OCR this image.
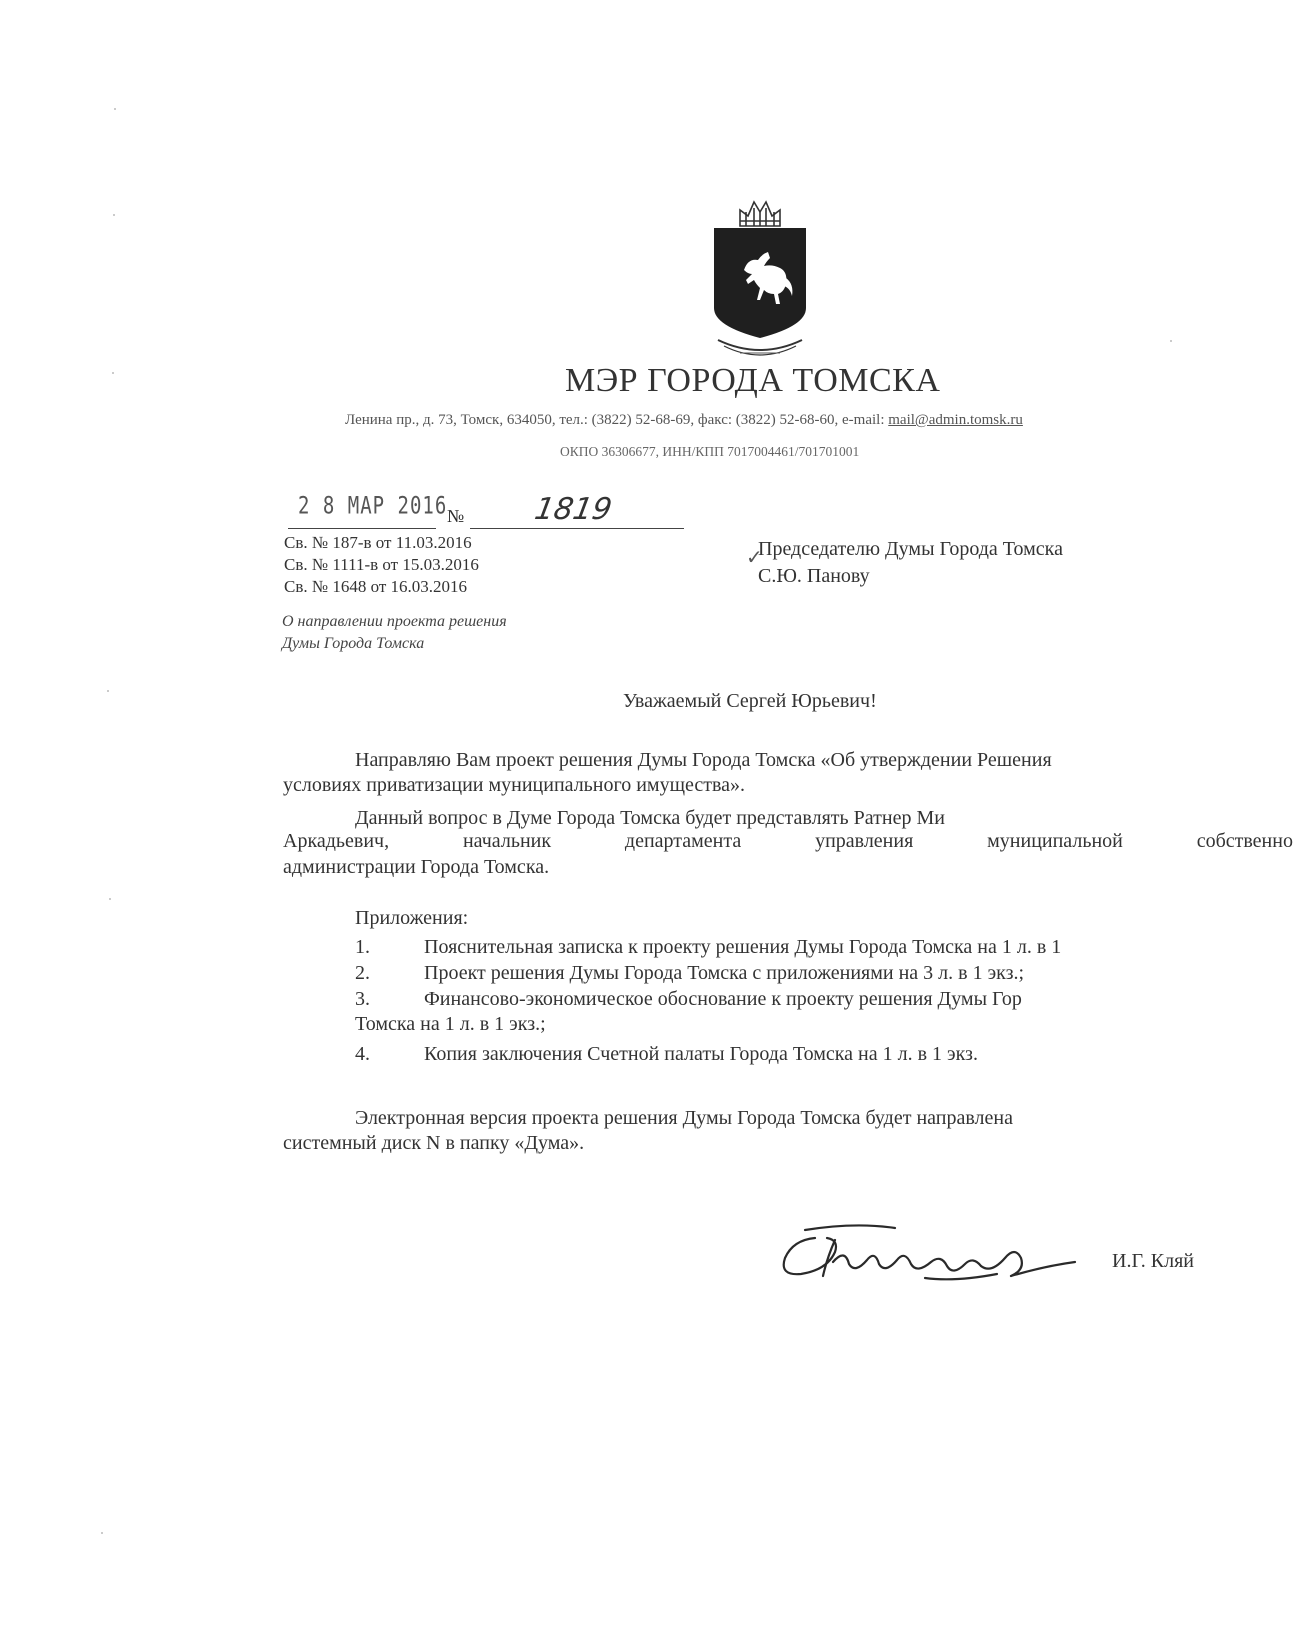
МЭР ГОРОДА ТОМСКА
Ленина пр., д. 73, Томск, 634050, тел.: (3822) 52-68-69, факс: (3822) 52-68-60, e-mail: mail@admin.tomsk.ru
ОКПО 36306677, ИНН/КПП 7017004461/701701001
2 8 МАР 2016 № 1819
Св. № 187-в от 11.03.2016
Св. № 1111-в от 15.03.2016
Св. № 1648 от 16.03.2016
О направлении проекта решения
Думы Города Томска
✓
Председателю Думы Города Томска
С.Ю. Панову
Уважаемый Сергей Юрьевич!
Направляю Вам проект решения Думы Города Томска «Об утверждении Решения
условиях приватизации муниципального имущества».
Данный вопрос в Думе Города Томска будет представлять Ратнер Ми
Аркадьевич,	начальник	департамента	управления	муниципальной	собственно
администрации Города Томска.
Приложения:
1.	Пояснительная записка к проекту решения Думы Города Томска на 1 л. в 1
2.	Проект решения Думы Города Томска с приложениями на 3 л. в 1 экз.;
3.	Финансово-экономическое обоснование к проекту решения Думы Гор
Томска на 1 л. в 1 экз.;
4.	Копия заключения Счетной палаты Города Томска на 1 л. в 1 экз.
Электронная версия проекта решения Думы Города Томска будет направлена
системный диск N в папку «Дума».
И.Г. Кляй
